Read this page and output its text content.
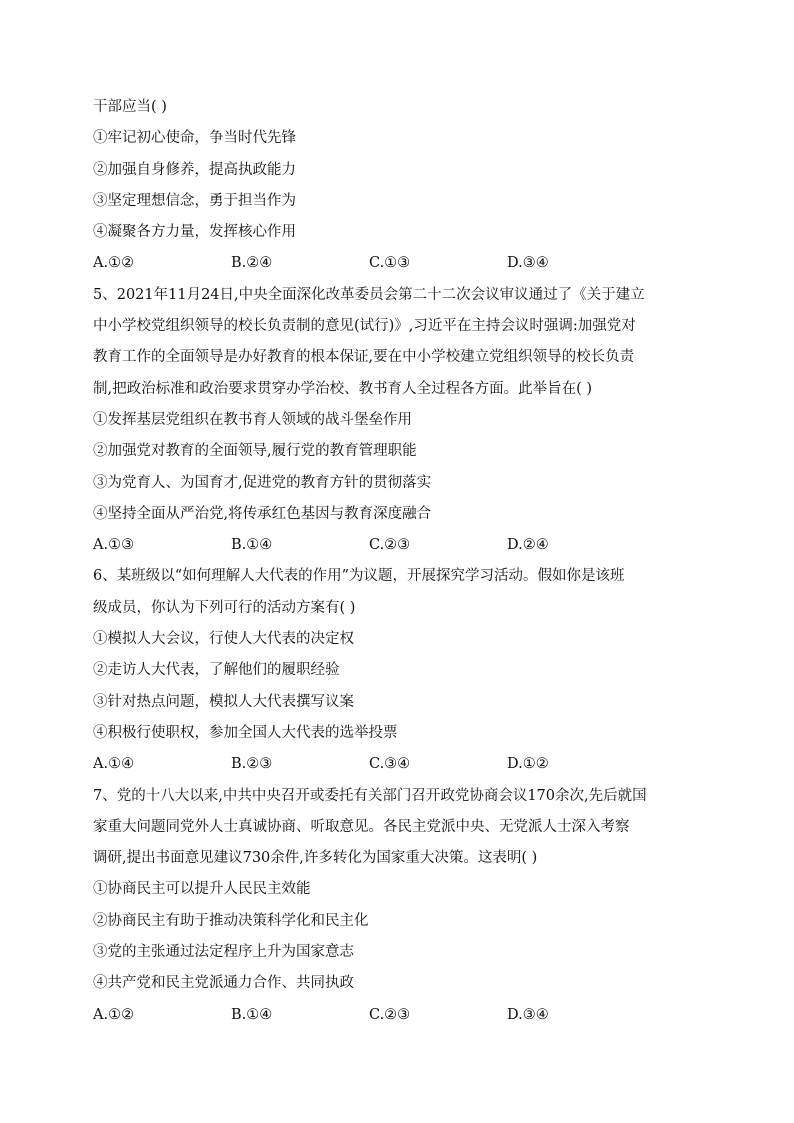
干部应当( )
①牢记初心使命，争当时代先锋
②加强自身修养，提高执政能力
③坚定理想信念，勇于担当作为
④凝聚各方力量，发挥核心作用
A.①②	B.②④	C.①③	D.③④
5、2021年11月24日,中央全面深化改革委员会第二十二次会议审议通过了《关于建立
中小学校党组织领导的校长负责制的意见(试行)》,习近平在主持会议时强调:加强党对
教育工作的全面领导是办好教育的根本保证,要在中小学校建立党组织领导的校长负责
制,把政治标准和政治要求贯穿办学治校、教书育人全过程各方面。此举旨在( )
①发挥基层党组织在教书育人领域的战斗堡垒作用
②加强党对教育的全面领导,履行党的教育管理职能
③为党育人、为国育才,促进党的教育方针的贯彻落实
④坚持全面从严治党,将传承红色基因与教育深度融合
A.①③	B.①④	C.②③	D.②④
6、某班级以“如何理解人大代表的作用”为议题，开展探究学习活动。假如你是该班
级成员，你认为下列可行的活动方案有( )
①模拟人大会议，行使人大代表的决定权
②走访人大代表，了解他们的履职经验
③针对热点问题，模拟人大代表撰写议案
④积极行使职权，参加全国人大代表的选举投票
A.①④	B.②③	C.③④	D.①②
7、党的十八大以来,中共中央召开或委托有关部门召开政党协商会议170余次,先后就国
家重大问题同党外人士真诚协商、听取意见。各民主党派中央、无党派人士深入考察
调研,提出书面意见建议730余件,许多转化为国家重大决策。这表明( )
①协商民主可以提升人民民主效能
②协商民主有助于推动决策科学化和民主化
③党的主张通过法定程序上升为国家意志
④共产党和民主党派通力合作、共同执政
A.①②	B.①④	C.②③	D.③④
